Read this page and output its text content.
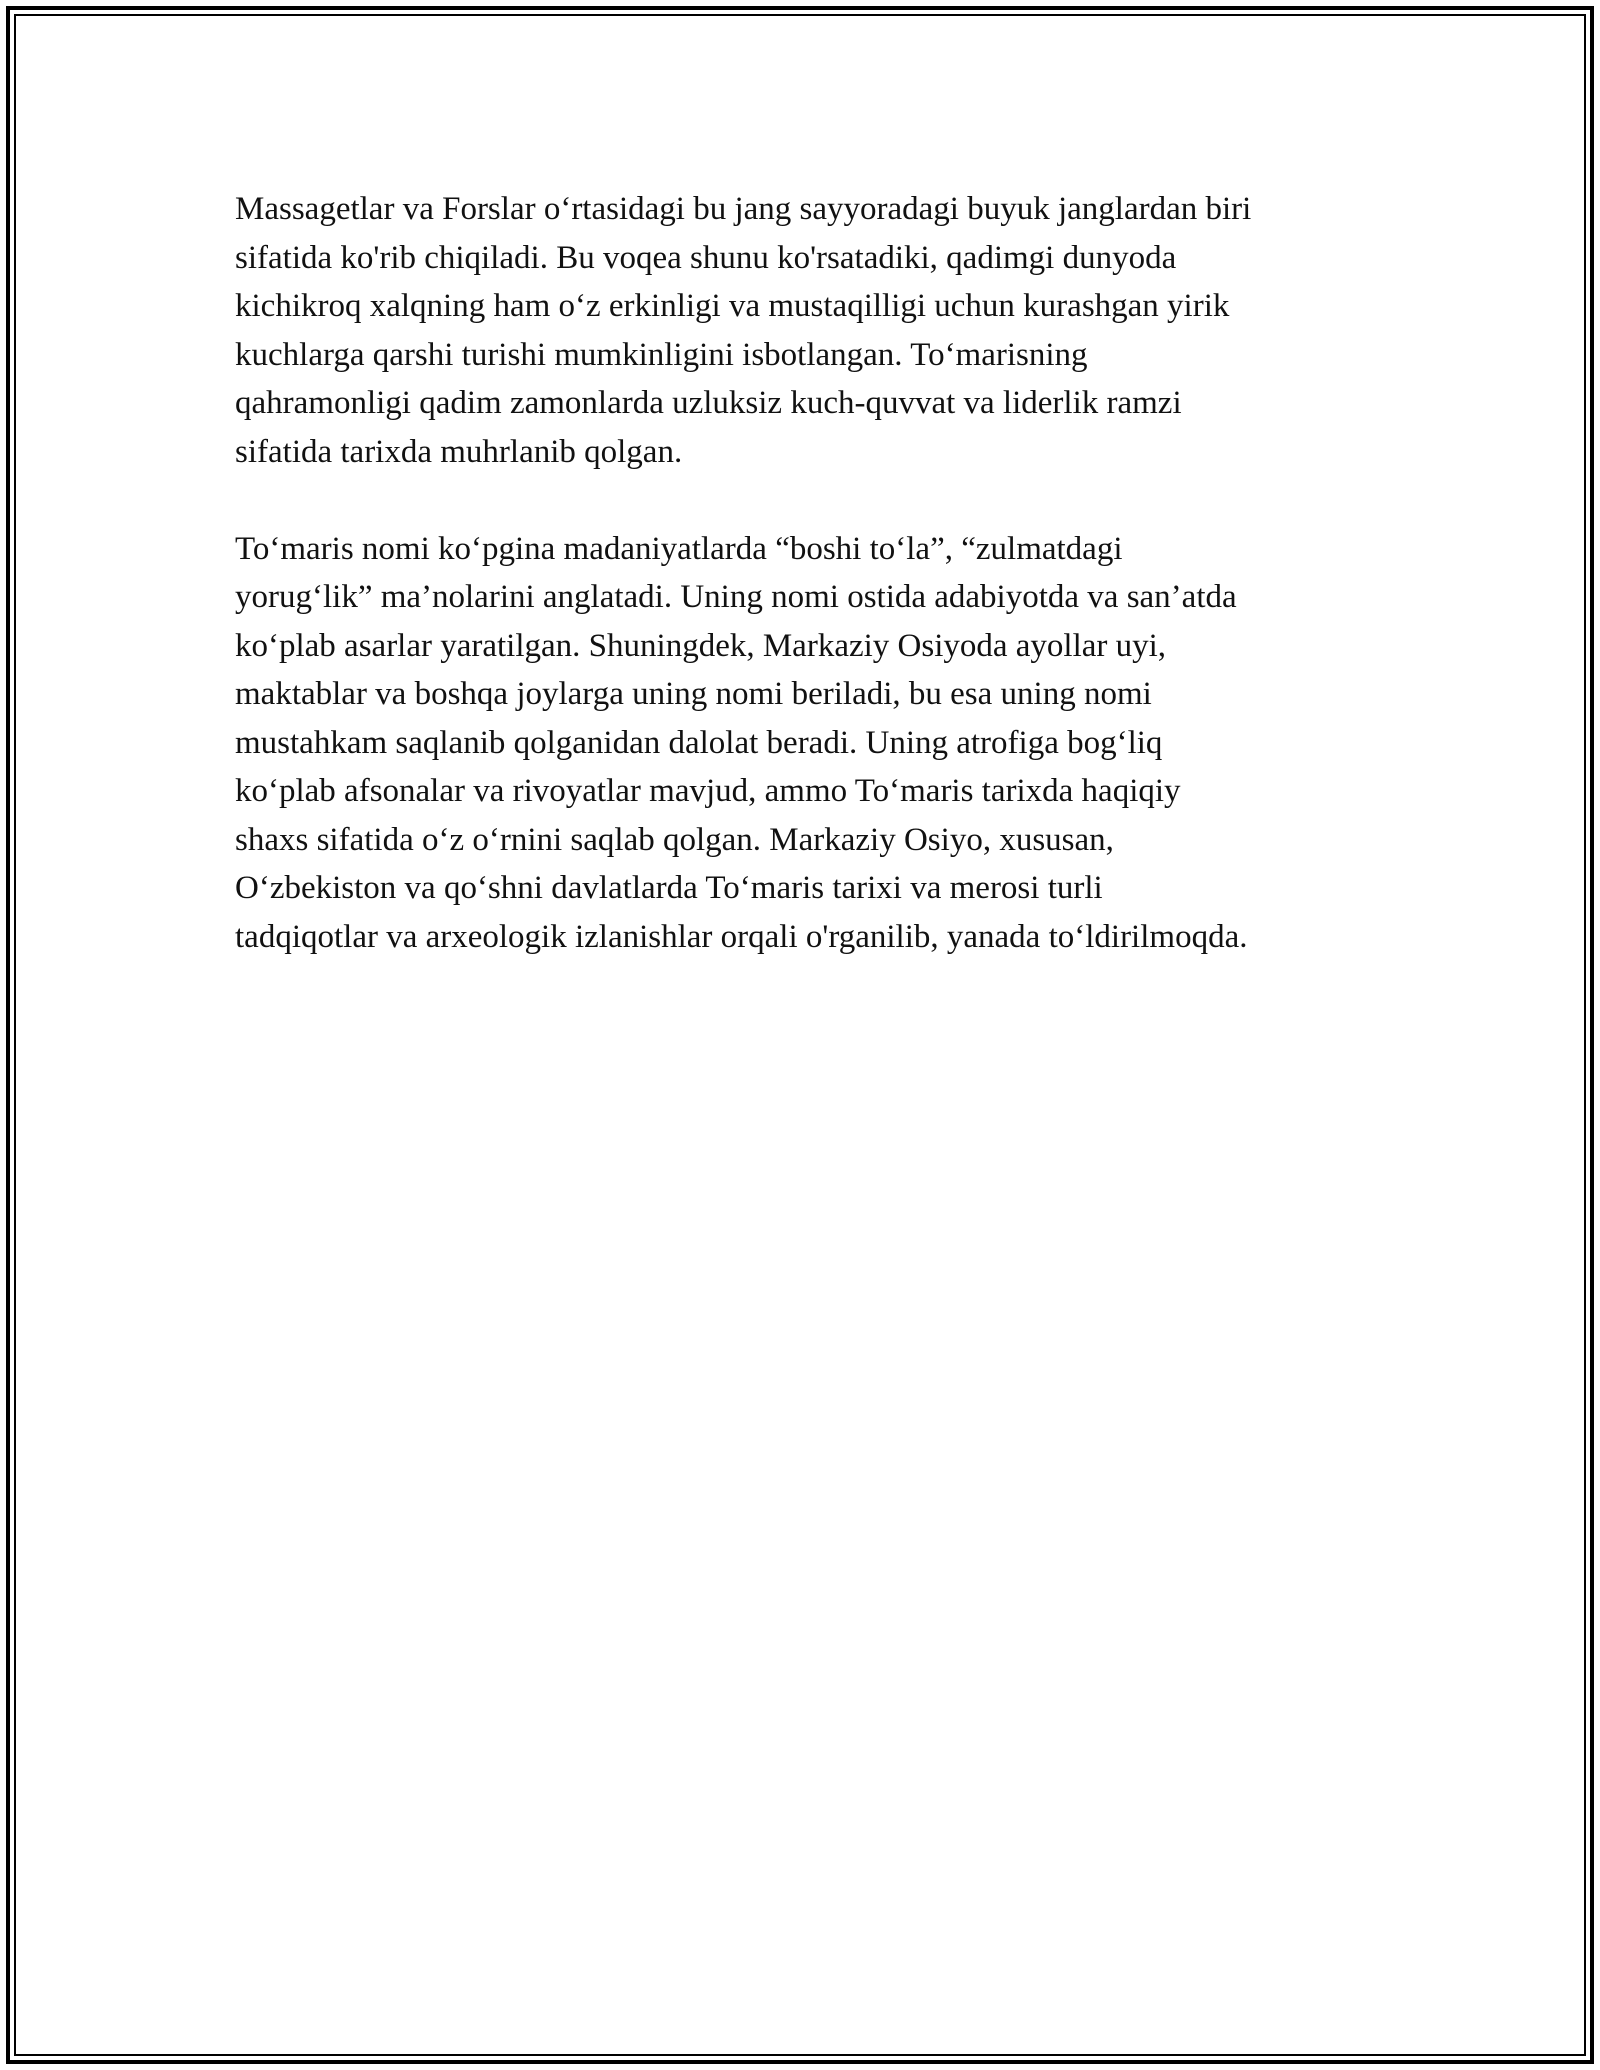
Massagetlar va Forslar oʻrtasidagi bu jang sayyoradagi buyuk janglardan biri
sifatida ko'rib chiqiladi. Bu voqea shunu ko'rsatadiki, qadimgi dunyoda
kichikroq xalqning ham oʻz erkinligi va mustaqilligi uchun kurashgan yirik
kuchlarga qarshi turishi mumkinligini isbotlangan. Toʻmarisning
qahramonligi qadim zamonlarda uzluksiz kuch-quvvat va liderlik ramzi
sifatida tarixda muhrlanib qolgan.

Toʻmaris nomi koʻpgina madaniyatlarda “boshi toʻla”, “zulmatdagi
yorugʻlik” ma’nolarini anglatadi. Uning nomi ostida adabiyotda va san’atda
koʻplab asarlar yaratilgan. Shuningdek, Markaziy Osiyoda ayollar uyi,
maktablar va boshqa joylarga uning nomi beriladi, bu esa uning nomi
mustahkam saqlanib qolganidan dalolat beradi. Uning atrofiga bogʻliq
koʻplab afsonalar va rivoyatlar mavjud, ammo Toʻmaris tarixda haqiqiy
shaxs sifatida oʻz oʻrnini saqlab qolgan. Markaziy Osiyo, xususan,
Oʻzbekiston va qoʻshni davlatlarda Toʻmaris tarixi va merosi turli
tadqiqotlar va arxeologik izlanishlar orqali o'rganilib, yanada toʻldirilmoqda.
